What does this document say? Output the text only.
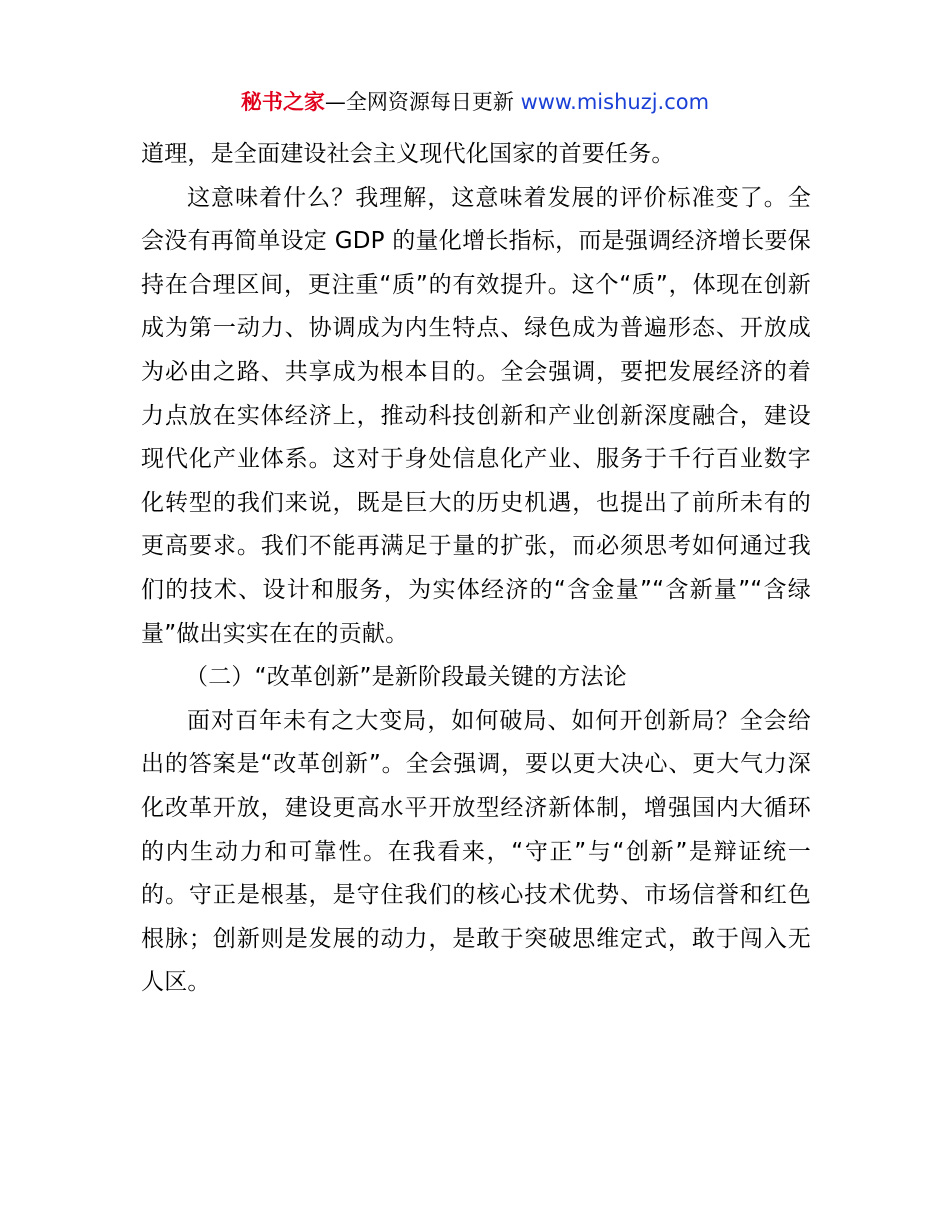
秘书之家—全网资源每日更新 www.mishuzj.com

道理，是全面建设社会主义现代化国家的首要任务。

这意味着什么？我理解，这意味着发展的评价标准变了。全会没有再简单设定 GDP 的量化增长指标，而是强调经济增长要保持在合理区间，更注重“质”的有效提升。这个“质”，体现在创新成为第一动力、协调成为内生特点、绿色成为普遍形态、开放成为必由之路、共享成为根本目的。全会强调，要把发展经济的着力点放在实体经济上，推动科技创新和产业创新深度融合，建设现代化产业体系。这对于身处信息化产业、服务于千行百业数字化转型的我们来说，既是巨大的历史机遇，也提出了前所未有的更高要求。我们不能再满足于量的扩张，而必须思考如何通过我们的技术、设计和服务，为实体经济的“含金量”“含新量”“含绿量”做出实实在在的贡献。

（二）“改革创新”是新阶段最关键的方法论

面对百年未有之大变局，如何破局、如何开创新局？全会给出的答案是“改革创新”。全会强调，要以更大决心、更大气力深化改革开放，建设更高水平开放型经济新体制，增强国内大循环的内生动力和可靠性。在我看来，“守正”与“创新”是辩证统一的。守正是根基，是守住我们的核心技术优势、市场信誉和红色根脉；创新则是发展的动力，是敢于突破思维定式，敢于闯入无人区。
